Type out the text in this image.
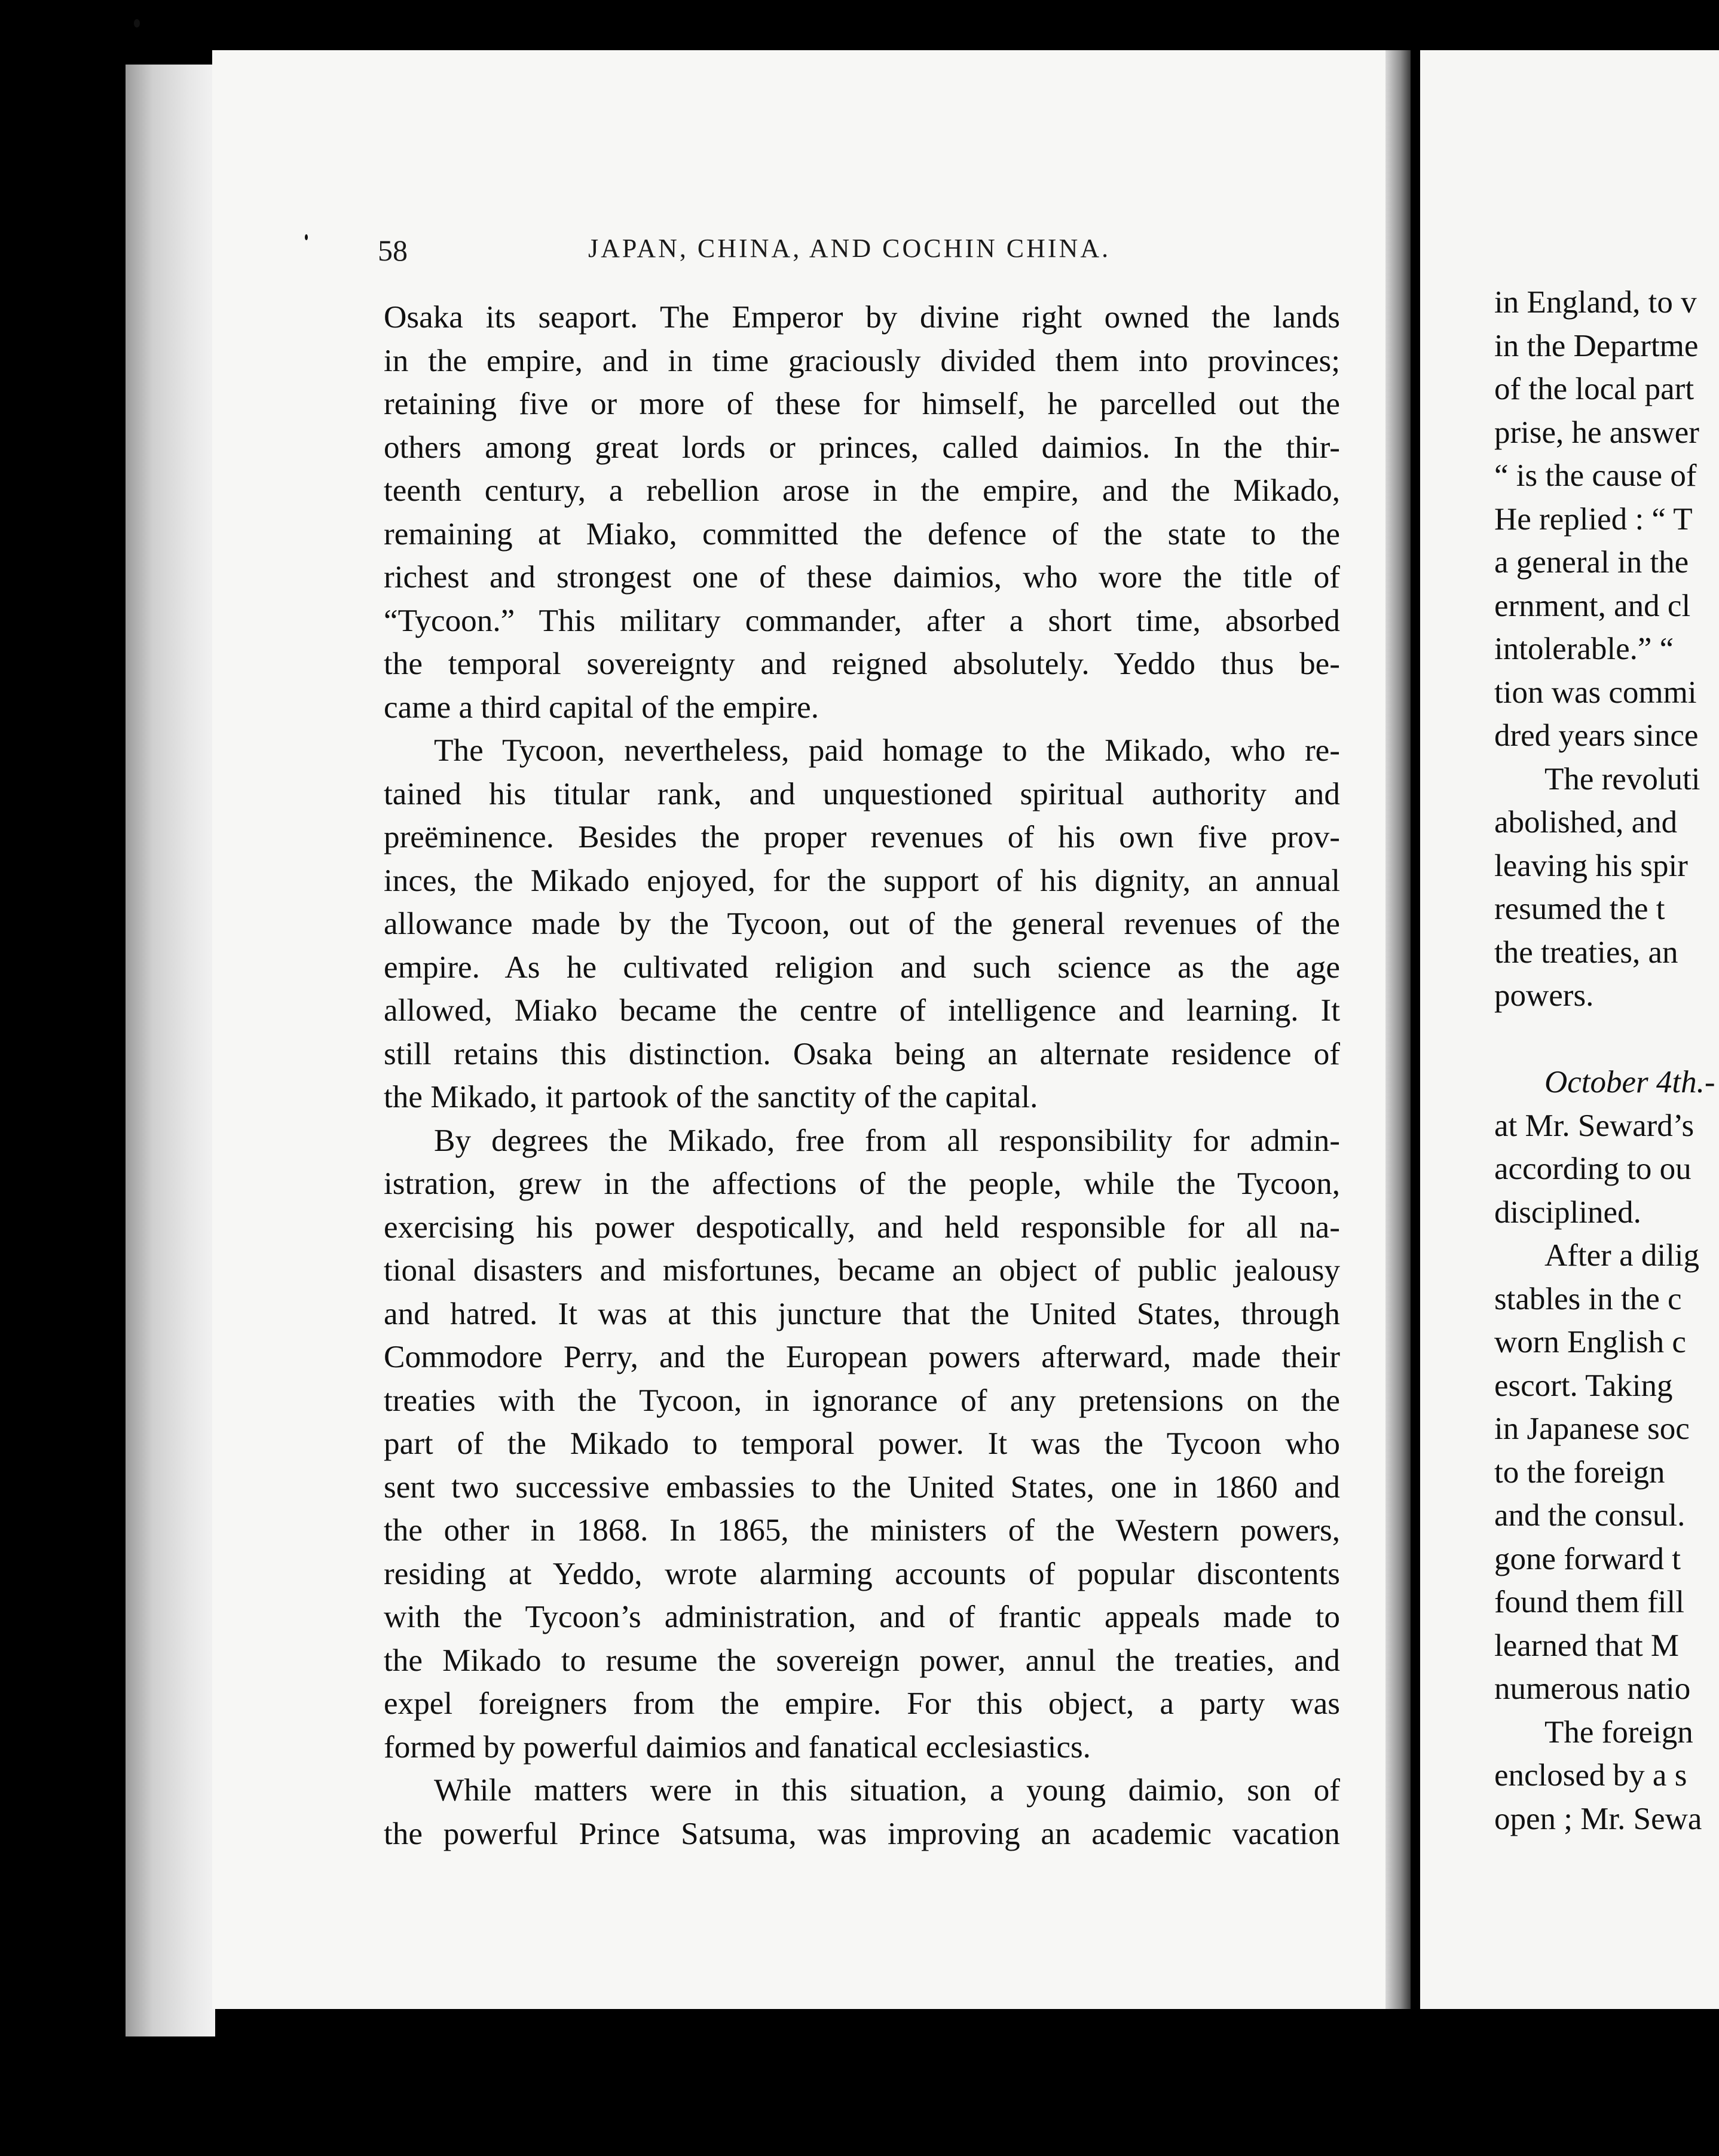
58	JAPAN, CHINA, AND COCHIN CHINA.
Osaka its seaport. The Emperor by divine right owned the lands
in the empire, and in time graciously divided them into provinces;
retaining five or more of these for himself, he parcelled out the
others among great lords or princes, called daimios. In the thir-
teenth century, a rebellion arose in the empire, and the Mikado,
remaining at Miako, committed the defence of the state to the
richest and strongest one of these daimios, who wore the title of
“Tycoon.” This military commander, after a short time, absorbed
the temporal sovereignty and reigned absolutely. Yeddo thus be-
came a third capital of the empire.
The Tycoon, nevertheless, paid homage to the Mikado, who re-
tained his titular rank, and unquestioned spiritual authority and
preëminence. Besides the proper revenues of his own five prov-
inces, the Mikado enjoyed, for the support of his dignity, an annual
allowance made by the Tycoon, out of the general revenues of the
empire. As he cultivated religion and such science as the age
allowed, Miako became the centre of intelligence and learning. It
still retains this distinction. Osaka being an alternate residence of
the Mikado, it partook of the sanctity of the capital.
By degrees the Mikado, free from all responsibility for admin-
istration, grew in the affections of the people, while the Tycoon,
exercising his power despotically, and held responsible for all na-
tional disasters and misfortunes, became an object of public jealousy
and hatred. It was at this juncture that the United States, through
Commodore Perry, and the European powers afterward, made their
treaties with the Tycoon, in ignorance of any pretensions on the
part of the Mikado to temporal power. It was the Tycoon who
sent two successive embassies to the United States, one in 1860 and
the other in 1868. In 1865, the ministers of the Western powers,
residing at Yeddo, wrote alarming accounts of popular discontents
with the Tycoon’s administration, and of frantic appeals made to
the Mikado to resume the sovereign power, annul the treaties, and
expel foreigners from the empire. For this object, a party was
formed by powerful daimios and fanatical ecclesiastics.
While matters were in this situation, a young daimio, son of
the powerful Prince Satsuma, was improving an academic vacation
in England, to v
in the Departme
of the local part
prise, he answer
“ is the cause of
He replied : “ T
a general in the
ernment, and cl
intolerable.” “
tion was commi
dred years since
The revoluti
abolished, and
leaving his spir
resumed the t
the treaties, an
powers.
October 4th.-
at Mr. Seward’s
according to ou
disciplined.
After a dilig
stables in the c
worn English c
escort. Taking
in Japanese soc
to the foreign
and the consul.
gone forward t
found them fill
learned that M
numerous natio
The foreign
enclosed by a s
open ; Mr. Sewa
